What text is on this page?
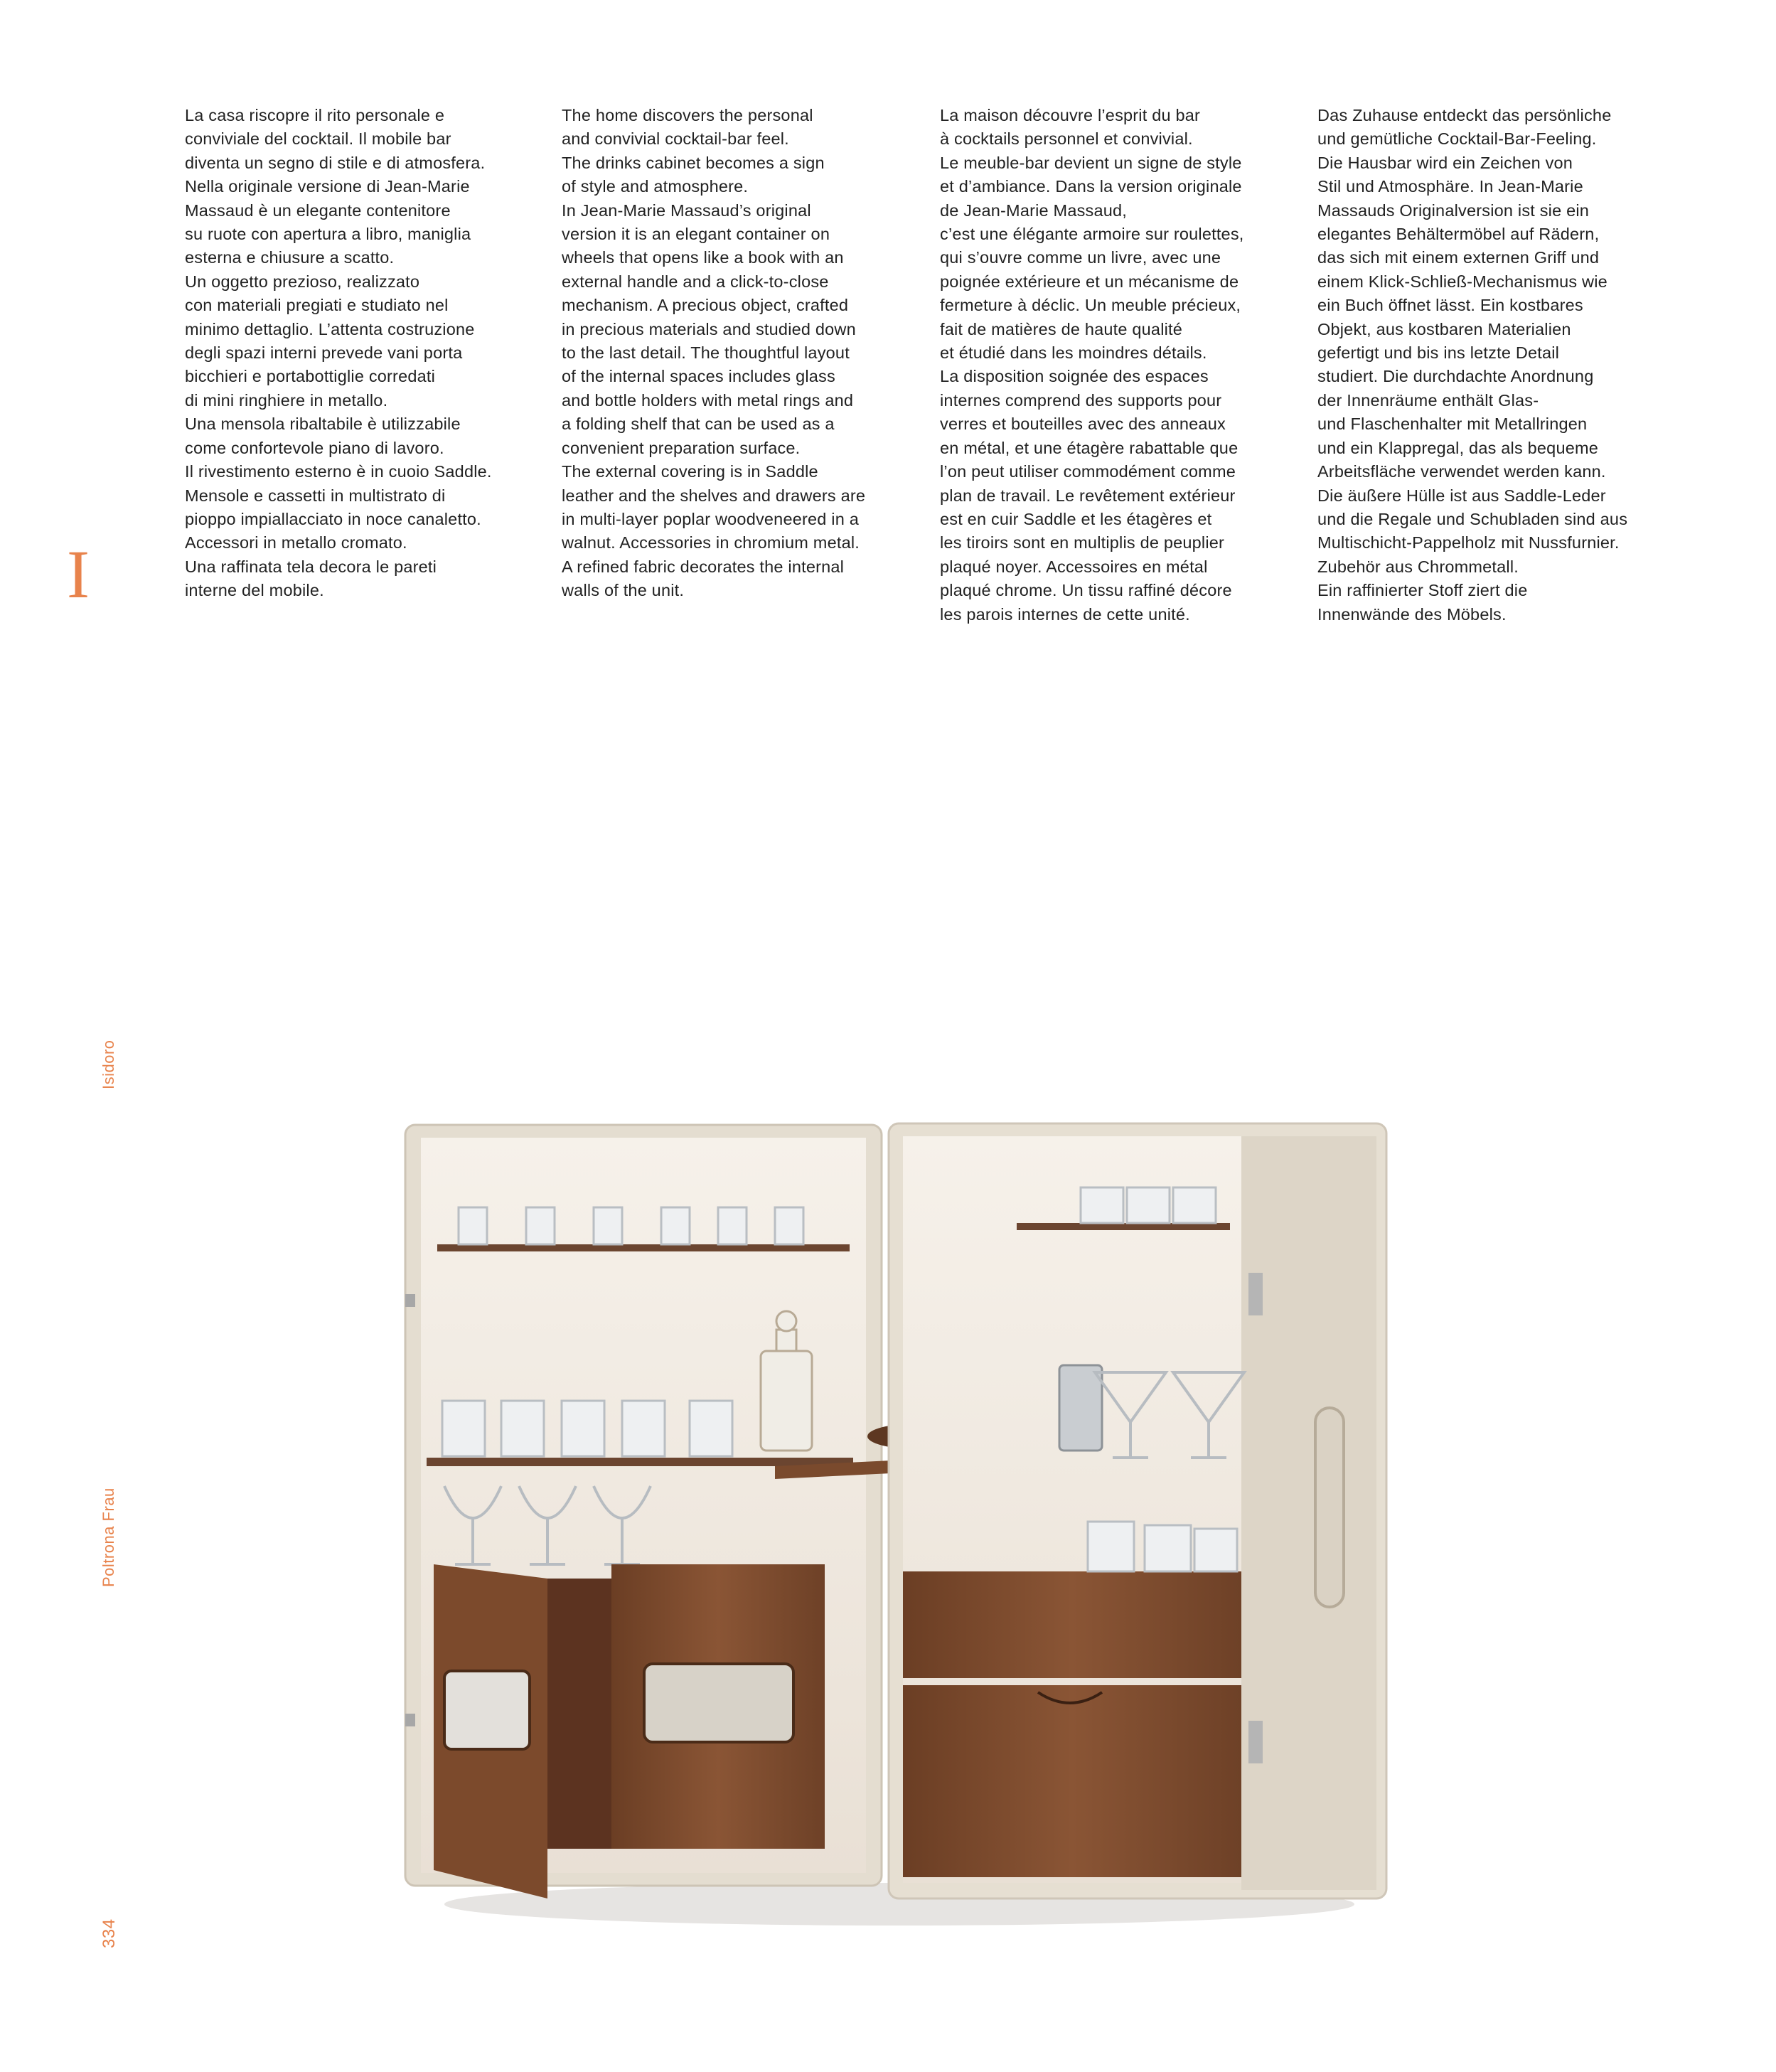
I
Isidoro
Poltrona Frau
334

La casa riscopre il rito personale e

conviviale del cocktail. Il mobile bar

diventa un segno di stile e di atmosfera.

Nella originale versione di Jean-Marie

Massaud è un elegante contenitore

su ruote con apertura a libro, maniglia

esterna e chiusure a scatto.

Un oggetto prezioso, realizzato

con materiali pregiati e studiato nel

minimo dettaglio. L’attenta costruzione

degli spazi interni prevede vani porta

bicchieri e portabottiglie corredati

di mini ringhiere in metallo.

Una mensola ribaltabile è utilizzabile

come confortevole piano di lavoro.

Il rivestimento esterno è in cuoio Saddle.

Mensole e cassetti in multistrato di

pioppo impiallacciato in noce canaletto.

Accessori in metallo cromato.

Una raffinata tela decora le pareti

interne del mobile.

The home discovers the personal

and convivial cocktail-bar feel.

The drinks cabinet becomes a sign

of style and atmosphere.

In Jean-Marie Massaud’s original

version it is an elegant container on

wheels that opens like a book with an

external handle and a click-to-close

mechanism. A precious object, crafted

in precious materials and studied down

to the last detail. The thoughtful layout

of the internal spaces includes glass

and bottle holders with metal rings and

a folding shelf that can be used as a

convenient preparation surface.

The external covering is in Saddle

leather and the shelves and drawers are

in multi-layer poplar woodveneered in a

walnut. Accessories in chromium metal.

A refined fabric decorates the internal

walls of the unit.

La maison découvre l’esprit du bar

à cocktails personnel et convivial.

Le meuble-bar devient un signe de style

et d’ambiance. Dans la version originale

de Jean-Marie Massaud,

c’est une élégante armoire sur roulettes,

qui s’ouvre comme un livre, avec une

poignée extérieure et un mécanisme de

fermeture à déclic. Un meuble précieux,

fait de matières de haute qualité

et étudié dans les moindres détails.

La disposition soignée des espaces

internes comprend des supports pour

verres et bouteilles avec des anneaux

en métal, et une étagère rabattable que

l’on peut utiliser commodément comme

plan de travail. Le revêtement extérieur

est en cuir Saddle et les étagères et

les tiroirs sont en multiplis de peuplier

plaqué noyer. Accessoires en métal

plaqué chrome. Un tissu raffiné décore

les parois internes de cette unité.

Das Zuhause entdeckt das persönliche

und gemütliche Cocktail-Bar-Feeling.

Die Hausbar wird ein Zeichen von

Stil und Atmosphäre. In Jean-Marie

Massauds Originalversion ist sie ein

elegantes Behältermöbel auf Rädern,

das sich mit einem externen Griff und

einem Klick-Schließ-Mechanismus wie

ein Buch öffnet lässt. Ein kostbares

Objekt, aus kostbaren Materialien

gefertigt und bis ins letzte Detail

studiert. Die durchdachte Anordnung

der Innenräume enthält Glas-

und Flaschenhalter mit Metallringen

und ein Klappregal, das als bequeme

Arbeitsfläche verwendet werden kann.

Die äußere Hülle ist aus Saddle-Leder

und die Regale und Schubladen sind aus

Multischicht-Pappelholz mit Nussfurnier.

Zubehör aus Chrommetall.

Ein raffinierter Stoff ziert die

Innenwände des Möbels.
